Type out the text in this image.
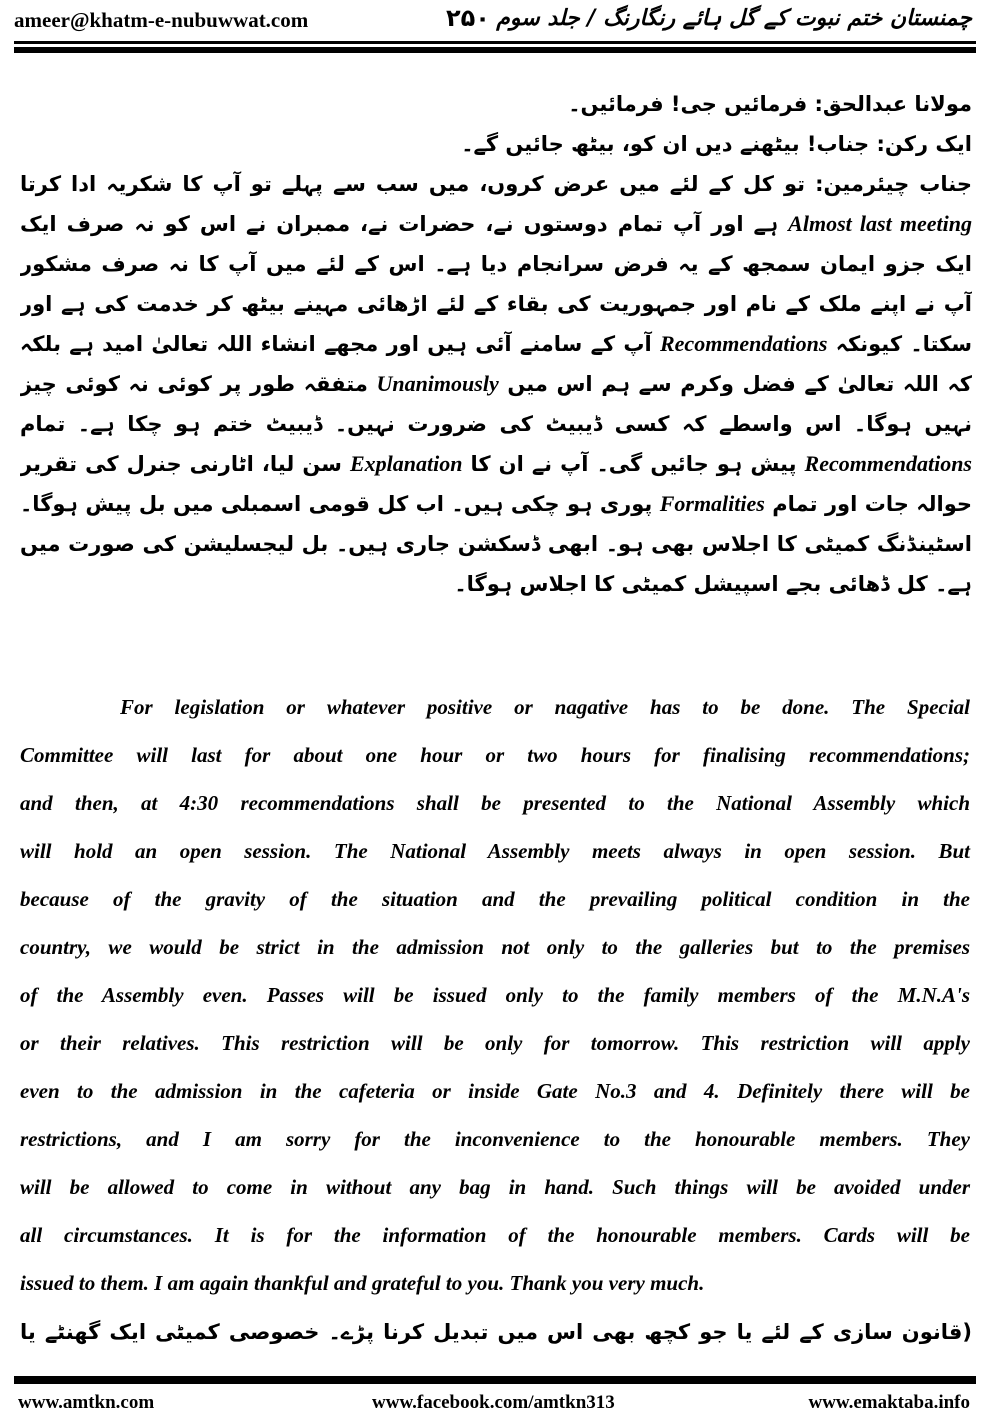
ameer@khatm-e-nubuwwat.com	۲۵۰ چمنستان ختم نبوت کے گل ہائے رنگارنگ / جلد سوم
مولانا عبدالحق: فرمائیں جی! فرمائیں۔
ایک رکن: جناب! بیٹھنے دیں ان کو، بیٹھ جائیں گے۔
جناب چیئرمین: تو کل کے لئے میں عرض کروں، میں سب سے پہلے تو آپ کا شکریہ ادا کرتا
Almost last meeting ہے اور آپ تمام دوستوں نے، حضرات نے، ممبران نے اس کو نہ صرف ایک
ایک جزو ایمان سمجھ کے یہ فرض سرانجام دیا ہے۔ اس کے لئے میں آپ کا نہ صرف مشکور
آپ نے اپنے ملک کے نام اور جمہوریت کی بقاء کے لئے اڑھائی مہینے بیٹھ کر خدمت کی ہے اور
سکتا۔ کیونکہ Recommendations آپ کے سامنے آئی ہیں اور مجھے انشاء اللہ تعالیٰ امید ہے بلکہ
کہ اللہ تعالیٰ کے فضل وکرم سے ہم اس میں Unanimously متفقہ طور پر کوئی نہ کوئی چیز
نہیں ہوگا۔ اس واسطے کہ کسی ڈیبیٹ کی ضرورت نہیں۔ ڈیبیٹ ختم ہو چکا ہے۔ تمام
Recommendations پیش ہو جائیں گی۔ آپ نے ان کا Explanation سن لیا، اٹارنی جنرل کی تقریر
حوالہ جات اور تمام Formalities پوری ہو چکی ہیں۔ اب کل قومی اسمبلی میں بل پیش ہوگا۔
اسٹینڈنگ کمیٹی کا اجلاس بھی ہو۔ ابھی ڈسکشن جاری ہیں۔ بل لیجسلیشن کی صورت میں
ہے۔ کل ڈھائی بجے اسپیشل کمیٹی کا اجلاس ہوگا۔
For legislation or whatever positive or nagative has to be done. The Special
Committee will last for about one hour or two hours for finalising recommendations;
and then, at 4:30 recommendations shall be presented to the National Assembly which
will hold an open session. The National Assembly meets always in open session. But
because of the gravity of the situation and the prevailing political condition in the
country, we would be strict in the admission not only to the galleries but to the premises
of the Assembly even. Passes will be issued only to the family members of the M.N.A's
or their relatives. This restriction will be only for tomorrow. This restriction will apply
even to the admission in the cafeteria or inside Gate No.3 and 4. Definitely there will be
restrictions, and I am sorry for the inconvenience to the honourable members. They
will be allowed to come in without any bag in hand. Such things will be avoided under
all circumstances. It is for the information of the honourable members. Cards will be
issued to them. I am again thankful and grateful to you. Thank you very much.
(قانون سازی کے لئے یا جو کچھ بھی اس میں تبدیل کرنا پڑے۔ خصوصی کمیٹی ایک گھنٹے یا
www.amtkn.com	www.facebook.com/amtkn313	www.emaktaba.info
